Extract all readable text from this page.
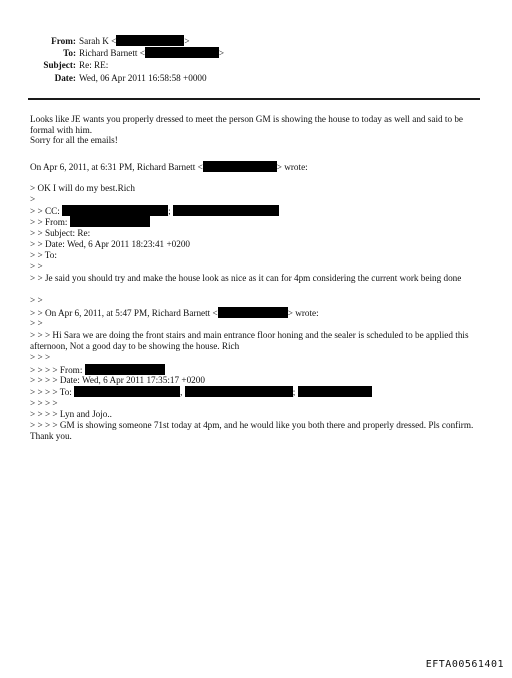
From: Sarah K <	>
To: Richard Barnett <	>
Subject: Re: RE:
Date: Wed, 06 Apr 2011 16:58:58 +0000
Looks like JE wants you properly dressed to meet the person GM is showing the house to today as well and said to be formal with him.
Sorry for all the emails!
On Apr 6, 2011, at 6:31 PM, Richard Barnett <	> wrote:
> OK I will do my best.Rich
>
> > CC:	;
> > From:
> > Subject: Re:
> > Date: Wed, 6 Apr 2011 18:23:41 +0200
> > To:
> >
> > Je said you should try and make the house look as nice as it can for 4pm considering the current work being done
> >
> > On Apr 6, 2011, at 5:47 PM, Richard Barnett <	> wrote:
> >
> > > Hi Sara we are doing the front stairs and main entrance floor honing and the sealer is scheduled to be applied this afternoon, Not a good day to be showing the house. Rich
> > >
> > > > From:
> > > > Date: Wed, 6 Apr 2011 17:35:17 +0200
> > > > To:	,	;
> > > >
> > > > Lyn and Jojo..
> > > > GM is showing someone 71st today at 4pm, and he would like you both there and properly dressed. Pls confirm. Thank you.
EFTA00561401
